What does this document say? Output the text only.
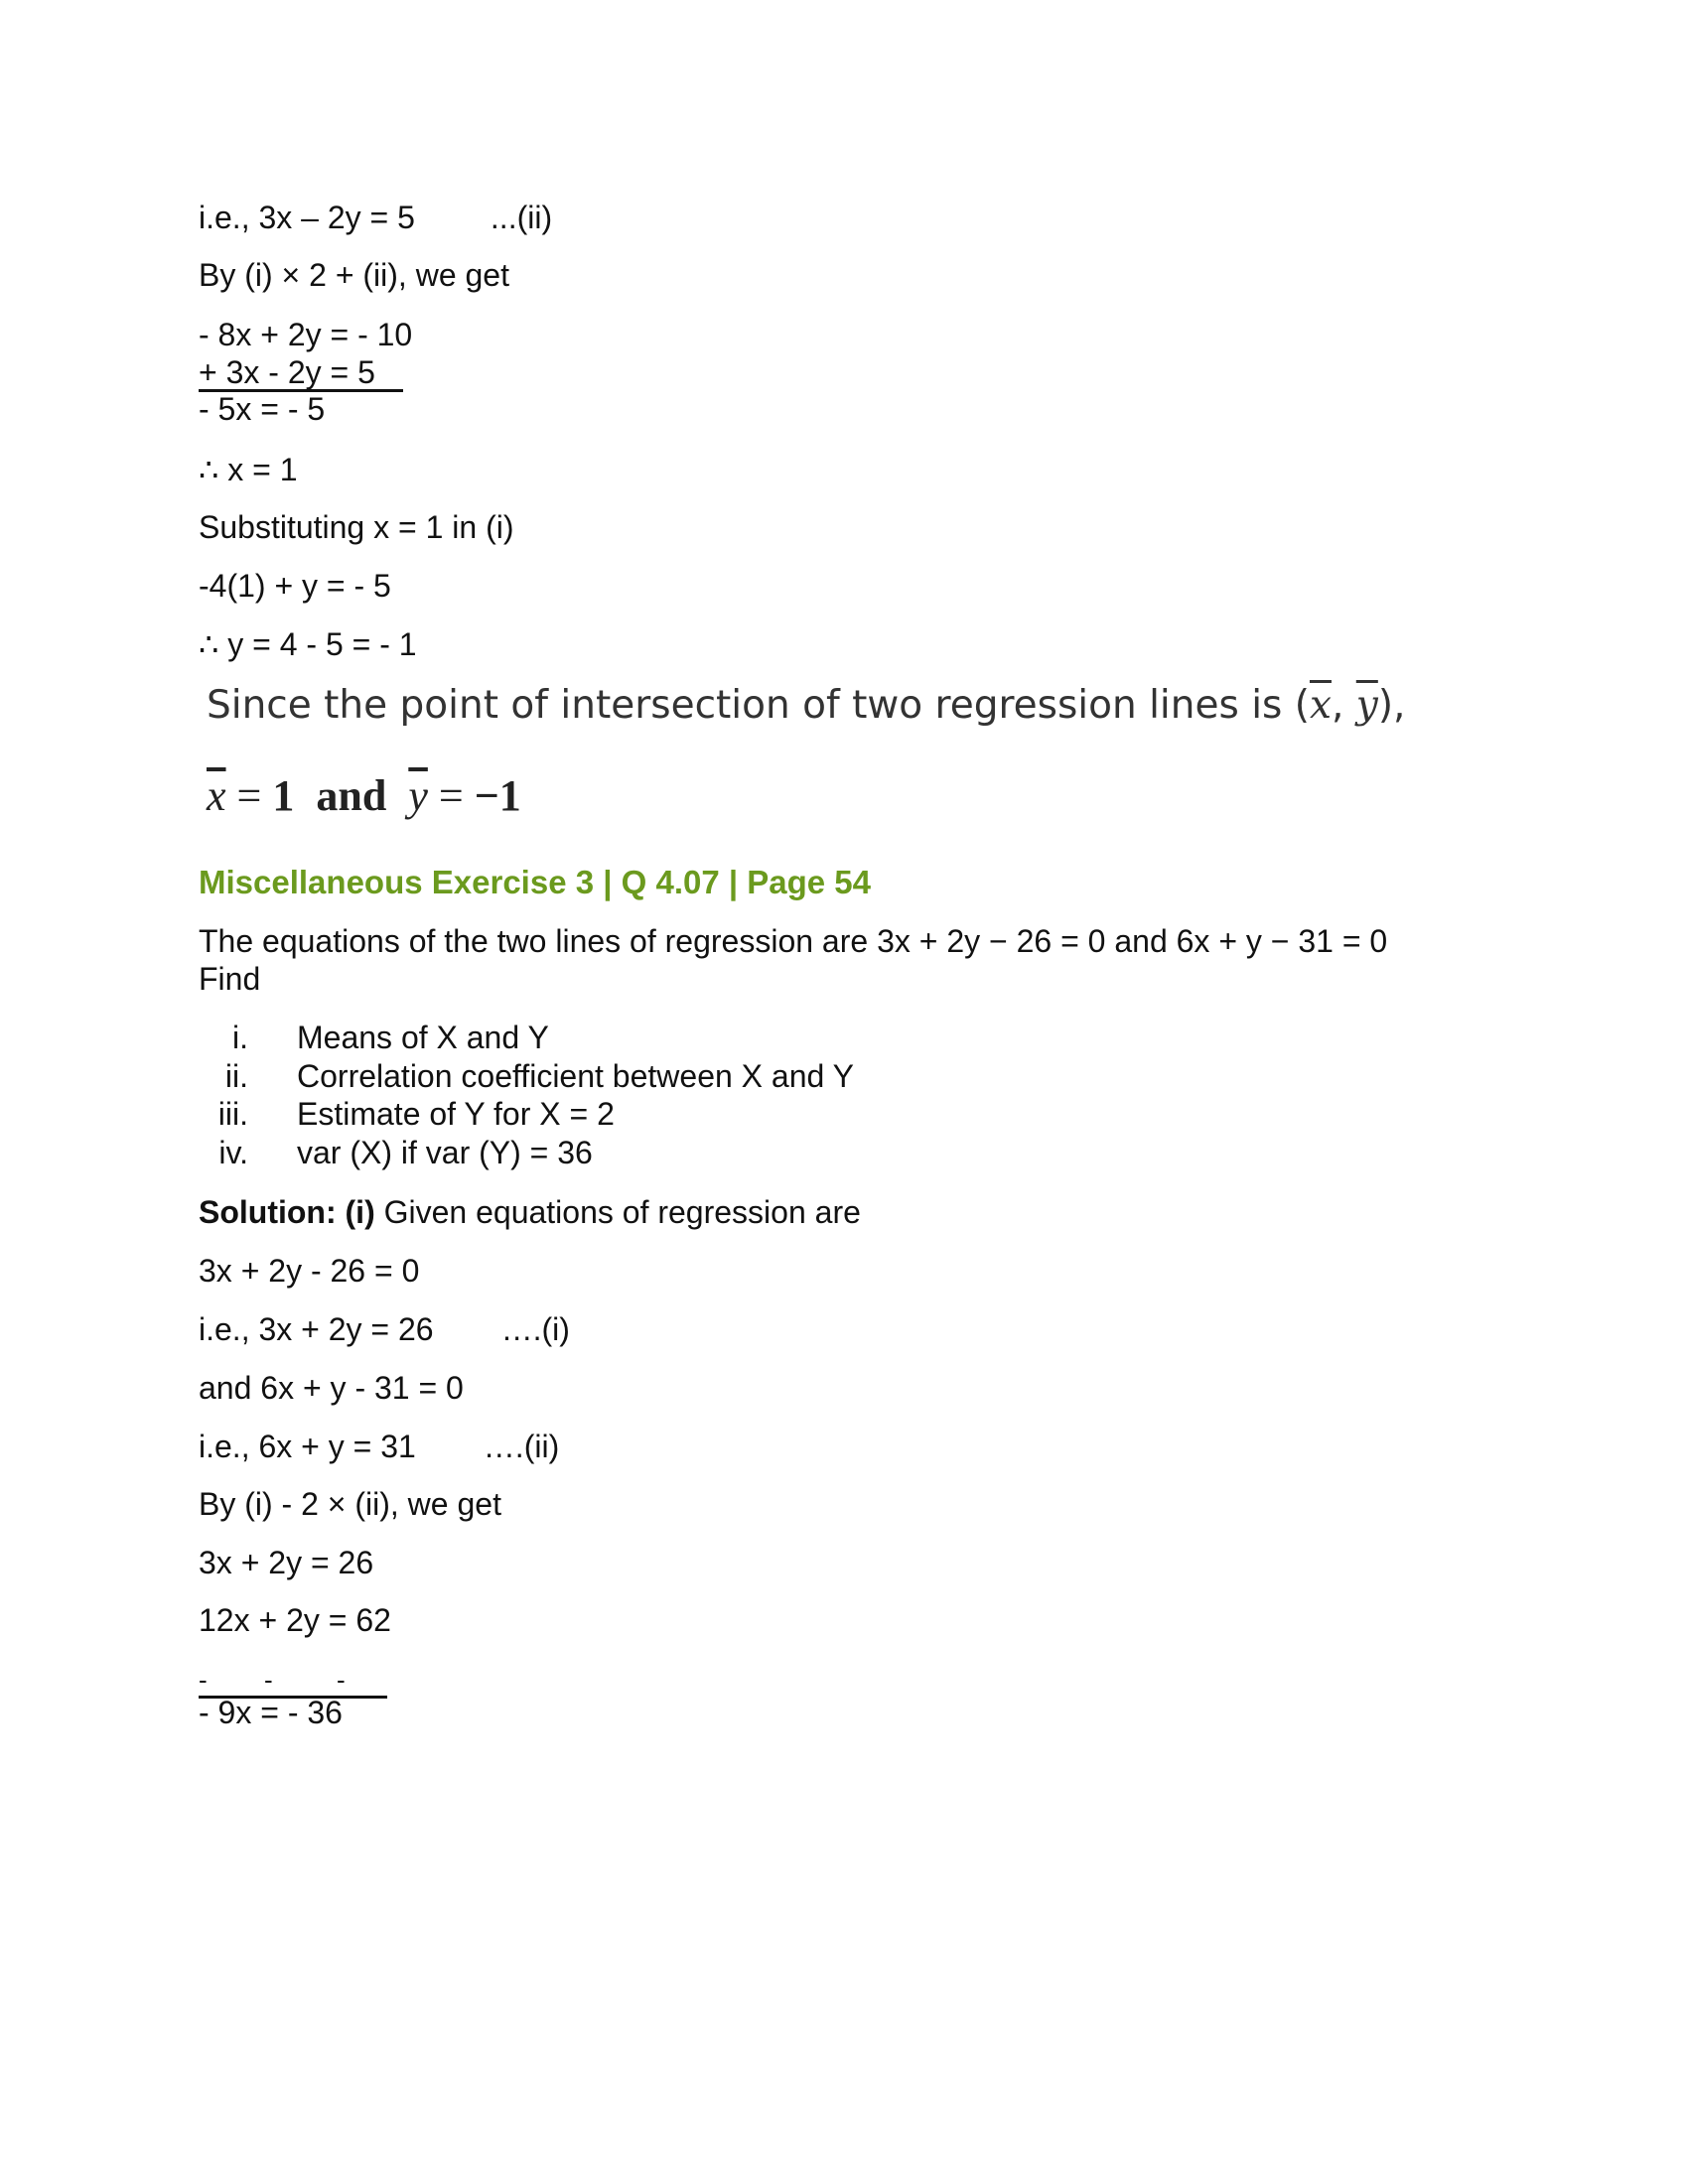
i.e., 3x – 2y = 5 ...(ii)
By (i) × 2 + (ii), we get
- 8x + 2y = - 10
+ 3x - 2y = 5
- 5x = - 5
∴ x = 1
Substituting x = 1 in (i)
-4(1) + y = - 5
∴ y = 4 - 5 = - 1
Since the point of intersection of two regression lines is ($\overline{x}$, $\overline{y}$),
$\overline{x} = 1$  and  $\overline{y} = -1$
Miscellaneous Exercise 3 | Q 4.07 | Page 54
The equations of the two lines of regression are 3x + 2y − 26 = 0 and 6x + y − 31 = 0
Find
i. Means of X and Y
ii. Correlation coefficient between X and Y
iii. Estimate of Y for X = 2
iv. var (X) if var (Y) = 36
Solution: (i) Given equations of regression are
3x + 2y - 26 = 0
i.e., 3x + 2y = 26 ….(i)
and 6x + y - 31 = 0
i.e., 6x + y = 31 ….(ii)
By (i) - 2 × (ii), we get
3x + 2y = 26
12x + 2y = 62
- - -
- 9x = - 36
